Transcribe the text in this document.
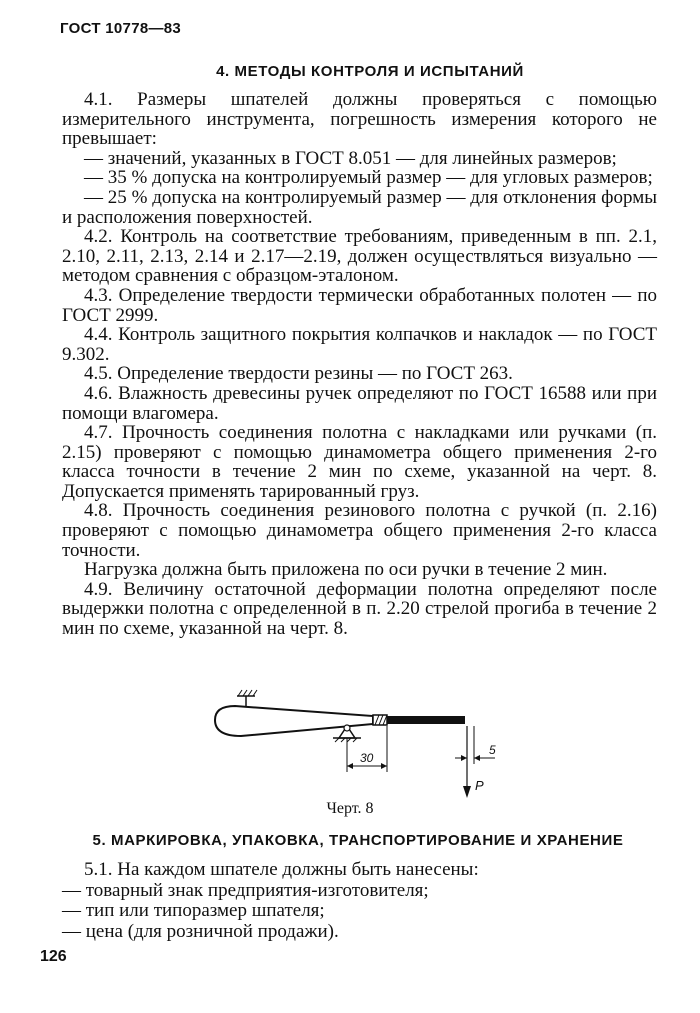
ГОСТ 10778—83
4. МЕТОДЫ КОНТРОЛЯ И ИСПЫТАНИЙ

4.1. Размеры шпателей должны проверяться с помощью измерительного инструмента, погрешность измерения которого не превышает:

— значений, указанных в ГОСТ 8.051 — для линейных размеров;

— 35 % допуска на контролируемый размер — для угловых размеров;

— 25 % допуска на контролируемый размер — для отклонения формы и расположения поверхностей.

4.2. Контроль на соответствие требованиям, приведенным в пп. 2.1, 2.10, 2.11, 2.13, 2.14 и 2.17—2.19, должен осуществляться визуально — методом сравнения с образцом-эталоном.

4.3. Определение твердости термически обработанных полотен — по ГОСТ 2999.

4.4. Контроль защитного покрытия колпачков и накладок — по ГОСТ 9.302.

4.5. Определение твердости резины — по ГОСТ 263.

4.6. Влажность древесины ручек определяют по ГОСТ 16588 или при помощи влагомера.

4.7. Прочность соединения полотна с накладками или ручками (п. 2.15) проверяют с помощью динамометра общего применения 2-го класса точности в течение 2 мин по схеме, указанной на черт. 8. Допускается применять тарированный груз.

4.8. Прочность соединения резинового полотна с ручкой (п. 2.16) проверяют с помощью динамометра общего применения 2-го класса точности.

Нагрузка должна быть приложена по оси ручки в течение 2 мин.

4.9. Величину остаточной деформации полотна определяют после выдержки полотна с определенной в п. 2.20 стрелой прогиба в течение 2 мин по схеме, указанной на черт. 8.

30
5
P
Черт. 8
5. МАРКИРОВКА, УПАКОВКА, ТРАНСПОРТИРОВАНИЕ И ХРАНЕНИЕ

5.1. На каждом шпателе должны быть нанесены:

— товарный знак предприятия-изготовителя;

— тип или типоразмер шпателя;

— цена (для розничной продажи).

126
